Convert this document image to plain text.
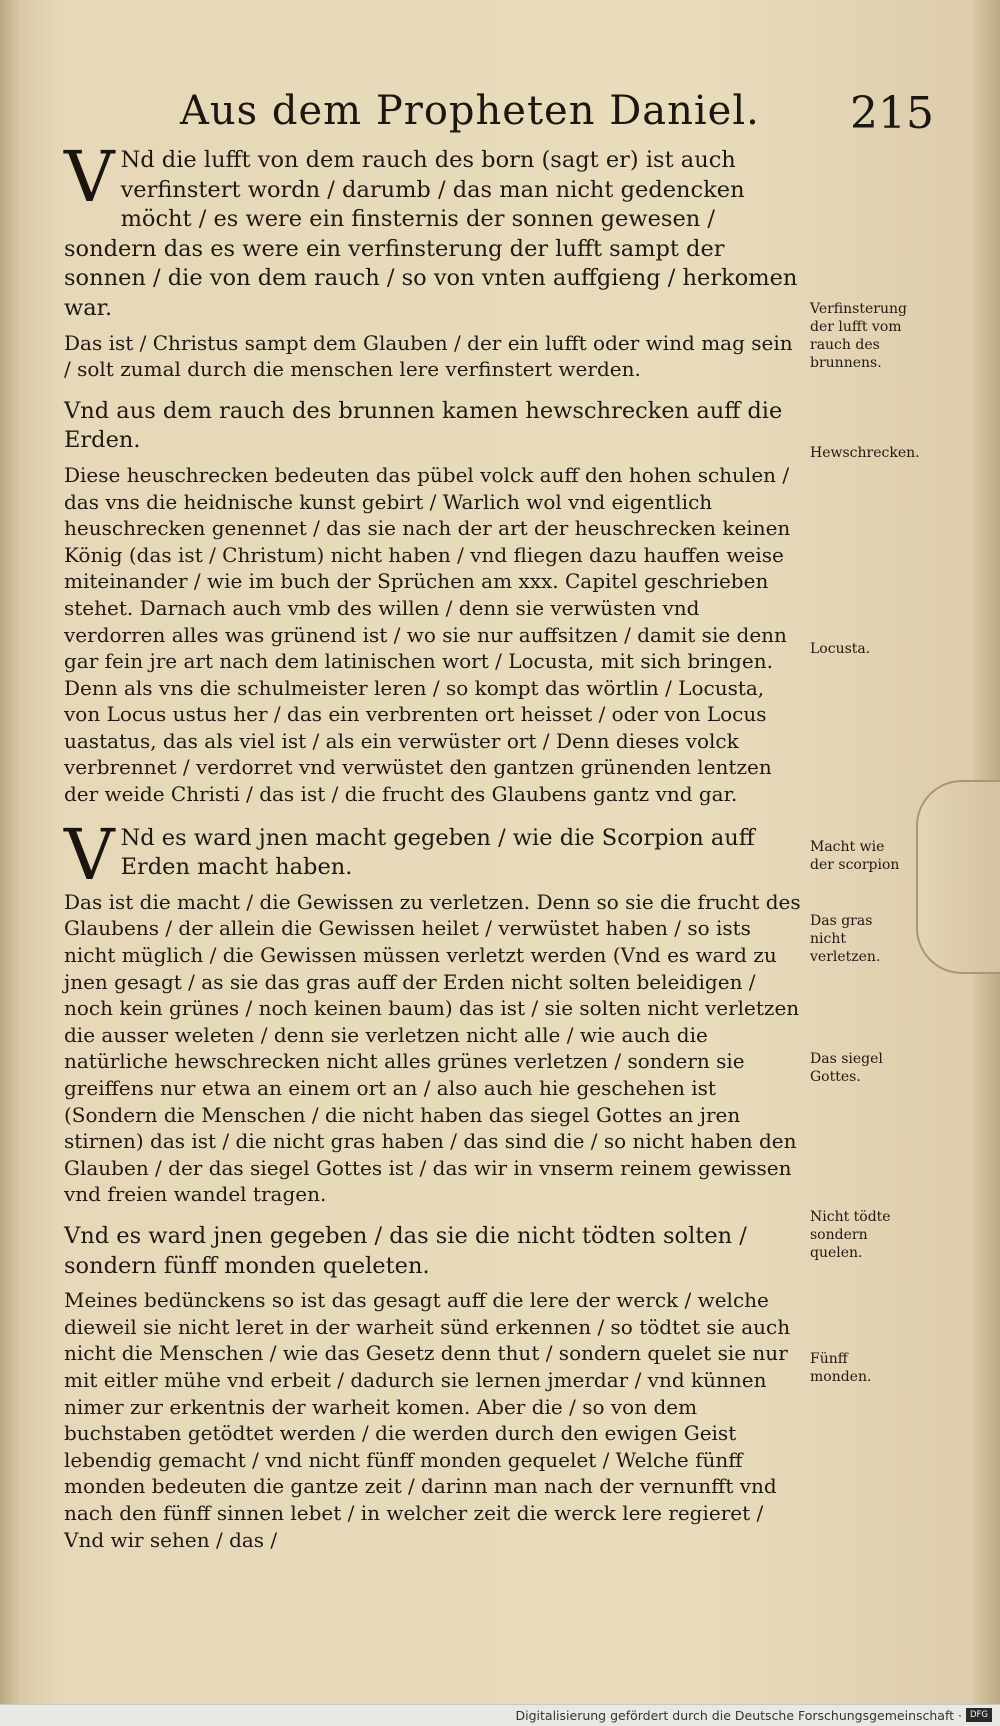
Aus dem Propheten Daniel. 215

V Nd die lufft von dem rauch des born (sagt er) ist auch verfinstert wordn / darumb / das man nicht gedencken möcht / es were ein finsternis der sonnen gewesen / sondern das es were ein verfinsterung der lufft sampt der sonnen / die von dem rauch / so von vnten auffgieng / herkomen war.

Das ist / Christus sampt dem Glauben / der ein lufft oder wind mag sein / solt zumal durch die menschen lere verfinstert werden.

Vnd aus dem rauch des brunnen kamen hewschrecken auff die Erden.

Diese heuschrecken bedeuten das pübel volck auff den hohen schulen / das vns die heidnische kunst gebirt / Warlich wol vnd eigentlich heuschrecken genennet / das sie nach der art der heuschrecken keinen König (das ist / Christum) nicht haben / vnd fliegen dazu hauffen weise miteinander / wie im buch der Sprüchen am xxx. Capitel geschrieben stehet. Darnach auch vmb des willen / denn sie verwüsten vnd verdorren alles was grünend ist / wo sie nur auffsitzen / damit sie denn gar fein jre art nach dem latinischen wort / Locusta, mit sich bringen. Denn als vns die schulmeister leren / so kompt das wörtlin / Locusta, von Locus ustus her / das ein verbrenten ort heisset / oder von Locus uastatus, das als viel ist / als ein verwüster ort / Denn dieses volck verbrennet / verdorret vnd verwüstet den gantzen grünenden lentzen der weide Christi / das ist / die frucht des Glaubens gantz vnd gar.

V Nd es ward jnen macht gegeben / wie die Scorpion auff Erden macht haben.

Das ist die macht / die Gewissen zu verletzen. Denn so sie die frucht des Glaubens / der allein die Gewissen heilet / verwüstet haben / so ists nicht müglich / die Gewissen müssen verletzt werden (Vnd es ward zu jnen gesagt / as sie das gras auff der Erden nicht solten beleidigen / noch kein grünes / noch keinen baum) das ist / sie solten nicht verletzen die ausser weleten / denn sie verletzen nicht alle / wie auch die natürliche hewschrecken nicht alles grünes verletzen / sondern sie greiffens nur etwa an einem ort an / also auch hie geschehen ist (Sondern die Menschen / die nicht haben das siegel Gottes an jren stirnen) das ist / die nicht gras haben / das sind die / so nicht haben den Glauben / der das siegel Gottes ist / das wir in vnserm reinem gewissen vnd freien wandel tragen.

Vnd es ward jnen gegeben / das sie die nicht tödten solten / sondern fünff monden queleten.

Meines bedünckens so ist das gesagt auff die lere der werck / welche dieweil sie nicht leret in der warheit sünd erkennen / so tödtet sie auch nicht die Menschen / wie das Gesetz denn thut / sondern quelet sie nur mit eitler mühe vnd erbeit / dadurch sie lernen jmerdar / vnd künnen nimer zur erkentnis der warheit komen. Aber die / so von dem buchstaben getödtet werden / die werden durch den ewigen Geist lebendig gemacht / vnd nicht fünff monden gequelet / Welche fünff monden bedeuten die gantze zeit / darinn man nach der vernunfft vnd nach den fünff sinnen lebet / in welcher zeit die werck lere regieret / Vnd wir sehen / das /

Verfinsterung der lufft vom rauch des brunnens.
Hewschrecken.
Locusta.
Macht wie der scorpion
Das gras nicht verletzen.
Das siegel Gottes.
Nicht tödte sondern quelen.
Fünff monden.
Digitalisierung gefördert durch die Deutsche Forschungsgemeinschaft · DFG
